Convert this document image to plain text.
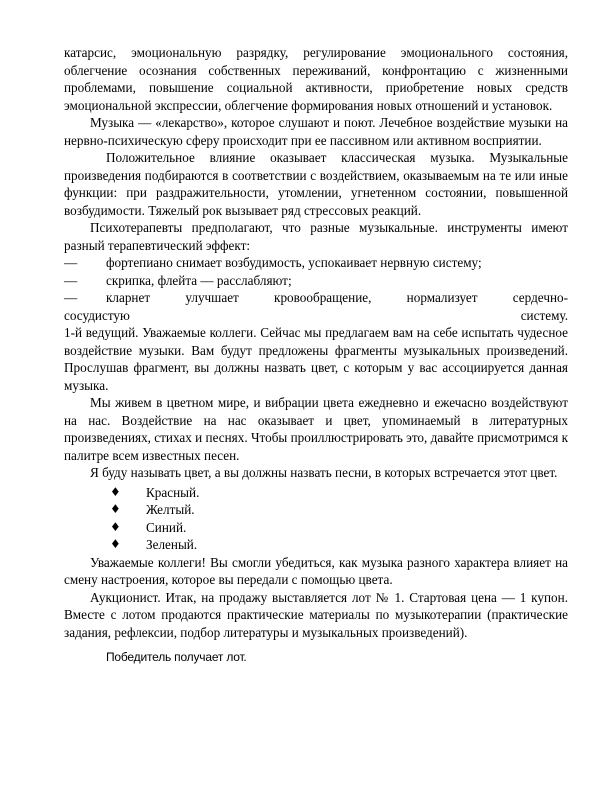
катарсис, эмоциональную разрядку, регулирование эмоционального состояния, облегчение осознания собственных переживаний, конфронтацию с жизненными проблемами, повышение социальной активности, приобретение новых средств эмоциональной экспрессии, облегчение формирования новых отношений и установок.

Музыка — «лекарство», которое слушают и поют. Лечебное воздействие музыки на нервно-психическую сферу происходит при ее пассивном или активном восприятии.

Положительное влияние оказывает классическая музыка. Музыкальные произведения подбираются в соответствии с воздействием, оказываемым на те или иные функции: при раздражительности, утомлении, угнетенном состоянии, повышенной возбудимости. Тяжелый рок вызывает ряд стрессовых реакций.

Психотерапевты предполагают, что разные музыкальные. инструменты имеют разный терапевтический эффект:

—	фортепиано снимает возбудимость, успокаивает нервную систему;
—	скрипка, флейта — расслабляют;
—	кларнет улучшает кровообращение, нормализует сердечно-
сосудистую	систему.

1-й ведущий. Уважаемые коллеги. Сейчас мы предлагаем вам на себе испытать чудесное воздействие музыки. Вам будут предложены фрагменты музыкальных произведений. Прослушав фрагмент, вы должны назвать цвет, с которым у вас ассоциируется данная музыка.

Мы живем в цветном мире, и вибрации цвета ежедневно и ежечасно воздействуют на нас. Воздействие на нас оказывает и цвет, упоминаемый в литературных произведениях, стихах и песнях. Чтобы проиллюстрировать это, давайте присмотримся к палитре всем известных песен.

Я буду называть цвет, а вы должны назвать песни, в которых встречается этот цвет.

♦	Красный.
♦	Желтый.
♦	Синий.
♦	Зеленый.

Уважаемые коллеги! Вы смогли убедиться, как музыка разного характера влияет на смену настроения, которое вы передали с помощью цвета.

Аукционист. Итак, на продажу выставляется лот № 1. Стартовая цена — 1 купон. Вместе с лотом продаются практические материалы по музыкотерапии (практические задания, рефлексии, подбор литературы и музыкальных произведений).

Победитель получает лот.
